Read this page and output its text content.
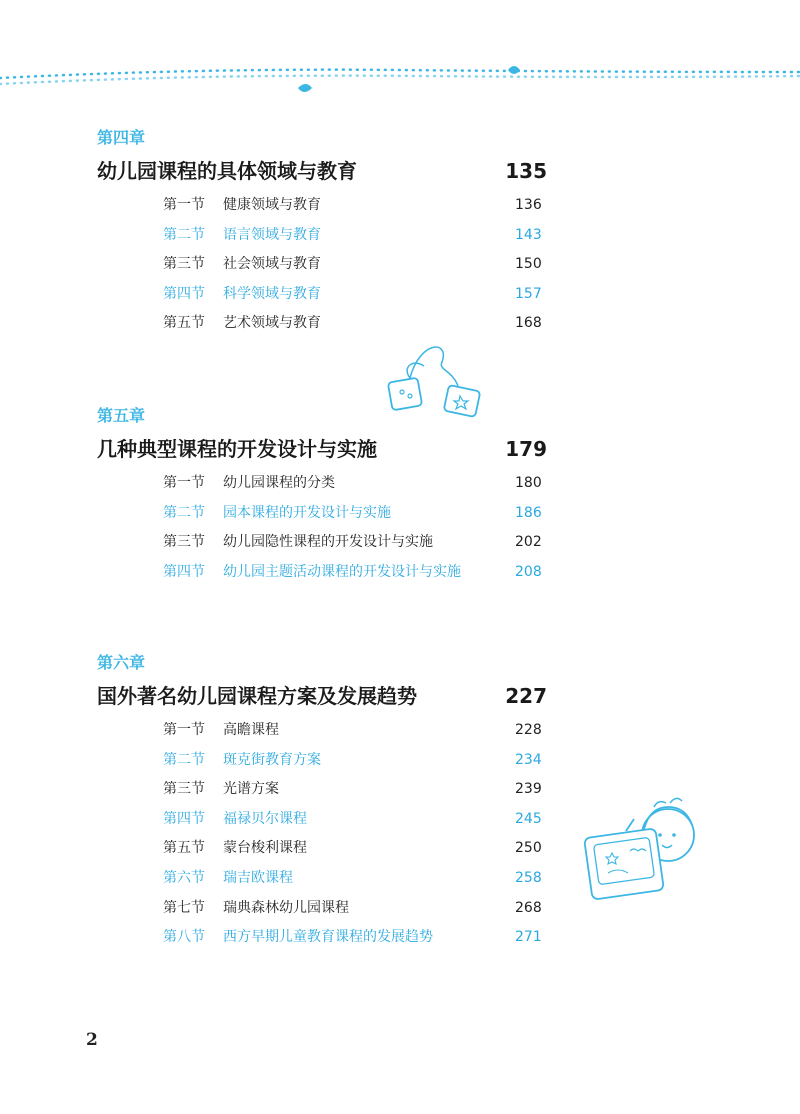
第四章
幼儿园课程的具体领域与教育	135
第一节 健康领域与教育	136
第二节 语言领域与教育	143
第三节 社会领域与教育	150
第四节 科学领域与教育	157
第五节 艺术领域与教育	168
第五章
几种典型课程的开发设计与实施	179
第一节 幼儿园课程的分类	180
第二节 园本课程的开发设计与实施	186
第三节 幼儿园隐性课程的开发设计与实施	202
第四节 幼儿园主题活动课程的开发设计与实施	208
第六章
国外著名幼儿园课程方案及发展趋势	227
第一节 高瞻课程	228
第二节 斑克街教育方案	234
第三节 光谱方案	239
第四节 福禄贝尔课程	245
第五节 蒙台梭利课程	250
第六节 瑞吉欧课程	258
第七节 瑞典森林幼儿园课程	268
第八节 西方早期儿童教育课程的发展趋势	271
2
